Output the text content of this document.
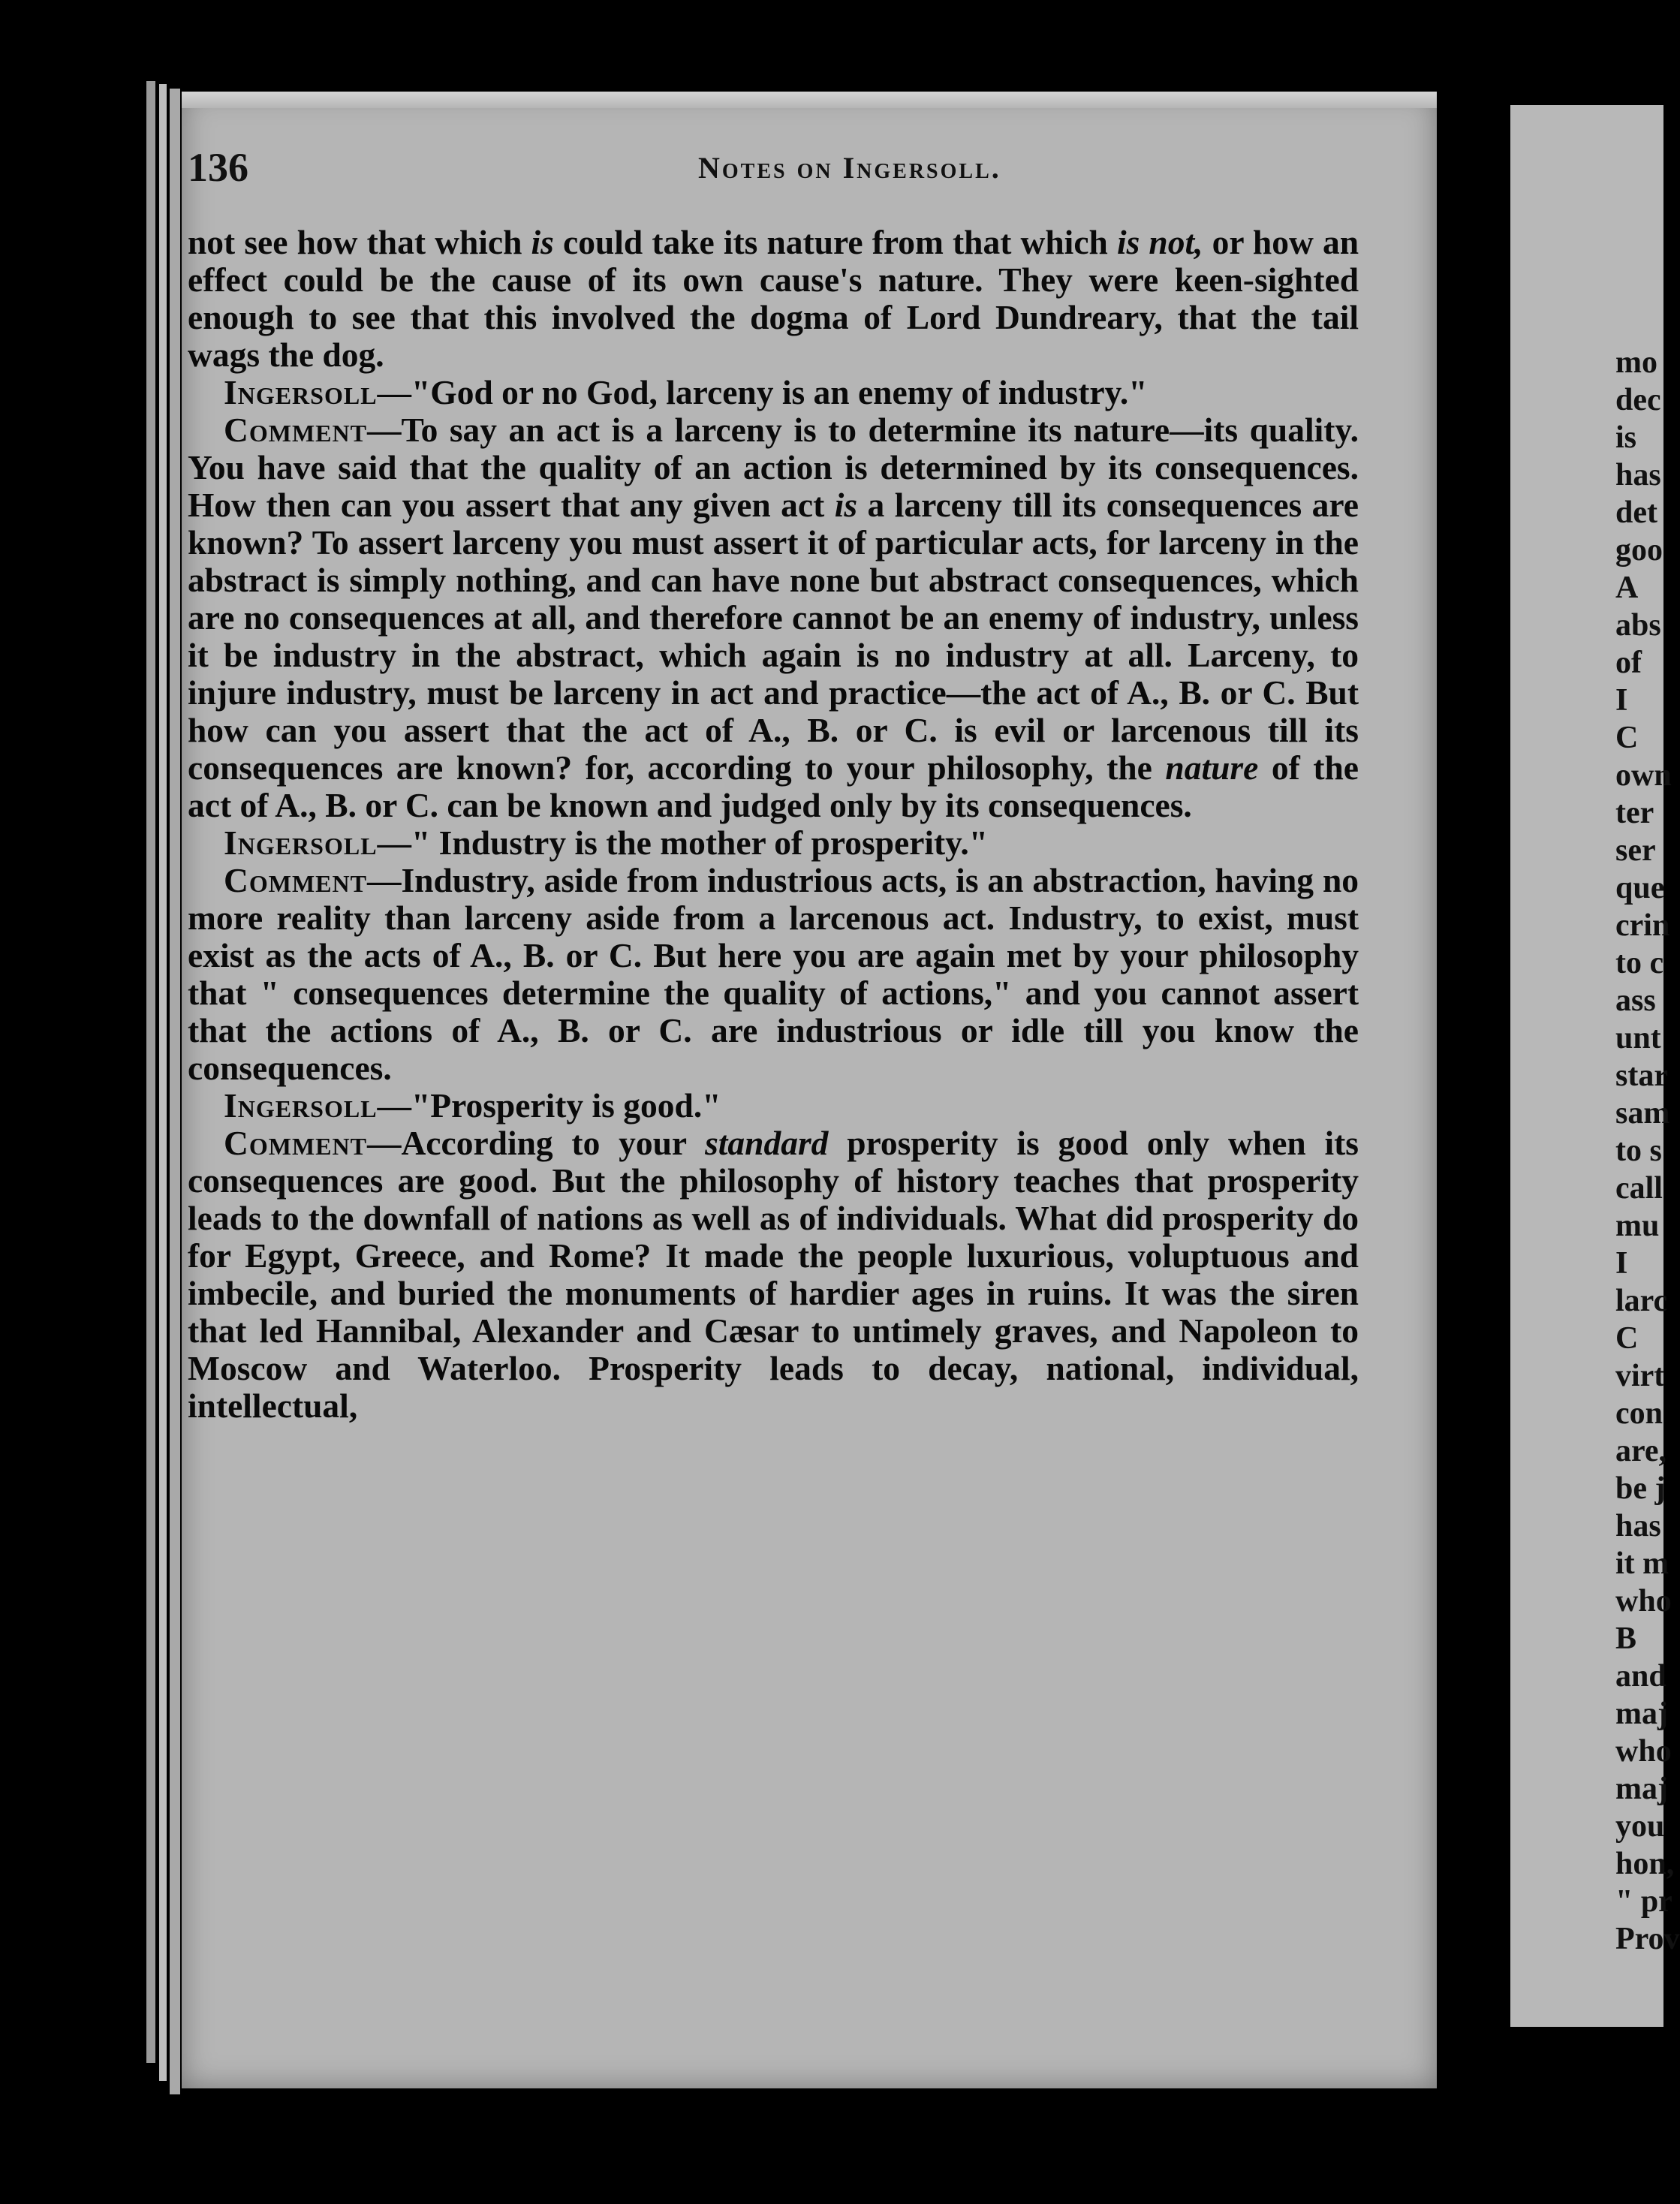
136	Notes on Ingersoll.

not see how that which is could take its nature from that which is not, or how an effect could be the cause of its own cause's nature. They were keen-sighted enough to see that this involved the dogma of Lord Dundreary, that the tail wags the dog.

Ingersoll—"God or no God, larceny is an enemy of industry."

Comment—To say an act is a larceny is to determine its nature—its quality. You have said that the quality of an action is determined by its consequences. How then can you assert that any given act is a larceny till its consequences are known? To assert larceny you must assert it of particular acts, for larceny in the abstract is simply nothing, and can have none but abstract consequences, which are no consequences at all, and therefore cannot be an enemy of industry, unless it be industry in the abstract, which again is no industry at all. Larceny, to injure industry, must be larceny in act and practice—the act of A., B. or C. But how can you assert that the act of A., B. or C. is evil or larcenous till its consequences are known? for, according to your philosophy, the nature of the act of A., B. or C. can be known and judged only by its consequences.

Ingersoll—" Industry is the mother of prosperity."

Comment—Industry, aside from industrious acts, is an abstraction, having no more reality than larceny aside from a larcenous act. Industry, to exist, must exist as the acts of A., B. or C. But here you are again met by your philosophy that " consequences determine the quality of actions," and you cannot assert that the actions of A., B. or C. are industrious or idle till you know the consequences.

Ingersoll—"Prosperity is good."

Comment—According to your standard prosperity is good only when its consequences are good. But the philosophy of history teaches that prosperity leads to the downfall of nations as well as of individuals. What did prosperity do for Egypt, Greece, and Rome? It made the people luxurious, voluptuous and imbecile, and buried the monuments of hardier ages in ruins. It was the siren that led Hannibal, Alexander and Cæsar to untimely graves, and Napoleon to Moscow and Waterloo. Prosperity leads to decay, national, individual, intellectual,

mo
dec
is
has
det
goo
A
abs
of
I
C
own
ter
ser
que
crin
to c
ass
unt
star
sam
to s
call
mu
I
larc
C
virt
con
are,
be j
has
it m
who
B
and
maj
who
maj
you
hon,
" pr
Prov
